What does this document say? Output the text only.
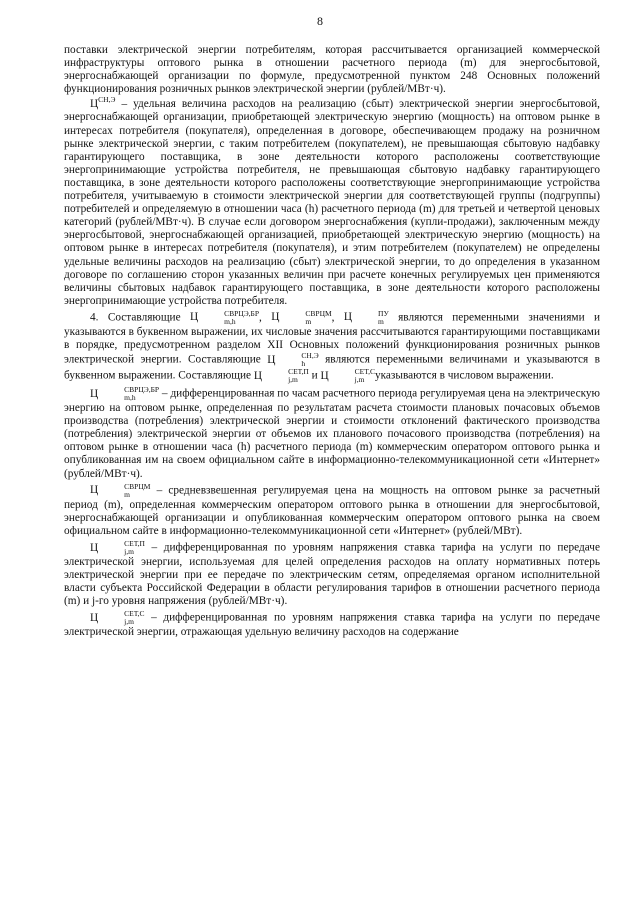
8

поставки электрической энергии потребителям, которая рассчитывается организацией коммерческой инфраструктуры оптового рынка в отношении расчетного периода (m) для энергосбытовой, энергоснабжающей организации по формуле, предусмотренной пунктом 248 Основных положений функционирования розничных рынков электрической энергии (рублей/МВт·ч).

$Ц^{СН,Э}$ – удельная величина расходов на реализацию (сбыт) электрической энергии энергосбытовой, энергоснабжающей организации, приобретающей электрическую энергию (мощность) на оптовом рынке в интересах потребителя (покупателя), определенная в договоре, обеспечивающем продажу на розничном рынке электрической энергии, с таким потребителем (покупателем), не превышающая сбытовую надбавку гарантирующего поставщика, в зоне деятельности которого расположены соответствующие энергопринимающие устройства потребителя, не превышающая сбытовую надбавку гарантирующего поставщика, в зоне деятельности которого расположены соответствующие энергопринимающие устройства потребителя, учитываемую в стоимости электрической энергии для соответствующей группы (подгруппы) потребителей и определяемую в отношении часа (h) расчетного периода (m) для третьей и четвертой ценовых категорий (рублей/МВт·ч). В случае если договором энергоснабжения (купли-продажи), заключенным между энергосбытовой, энергоснабжающей организацией, приобретающей электрическую энергию (мощность) на оптовом рынке в интересах потребителя (покупателя), и этим потребителем (покупателем) не определены удельные величины расходов на реализацию (сбыт) электрической энергии, то до определения в указанном договоре по соглашению сторон указанных величин при расчете конечных регулируемых цен применяются величины сбытовых надбавок гарантирующего поставщика, в зоне деятельности которого расположены энергопринимающие устройства потребителя.

4. Составляющие Ц	СВРЦЭ,БР
m,h	, Ц	СВРЦМ
m	, Ц	ПУ
m являются переменными значениями и указываются в буквенном выражении, их числовые значения рассчитываются гарантирующими поставщиками в порядке, предусмотренном разделом XII Основных положений функционирования розничных рынков электрической энергии. Составляющие Ц	СН,Э
h	являются переменными величинами и указываются в буквенном выражении. Составляющие Ц	СЕТ,П
j,m и Ц	СЕТ,С
j,m указываются в числовом выражении.

Ц	СВРЦЭ,БР
m,h	– дифференцированная по часам расчетного периода регулируемая цена на электрическую энергию на оптовом рынке, определенная по результатам расчета стоимости плановых почасовых объемов производства (потребления) электрической энергии и стоимости отклонений фактического производства (потребления) электрической энергии от объемов их планового почасового производства (потребления) на оптовом рынке в отношении часа (h) расчетного периода (m) коммерческим оператором оптового рынка и опубликованная им на своем официальном сайте в информационно-телекоммуникационной сети «Интернет» (рублей/МВт·ч).

Ц	СВРЦМ
m	– средневзвешенная регулируемая цена на мощность на оптовом рынке за расчетный период (m), определенная коммерческим оператором оптового рынка в отношении для энергосбытовой, энергоснабжающей организации и опубликованная коммерческим оператором оптового рынка на своем официальном сайте в информационно-телекоммуникационной сети «Интернет» (рублей/МВт).

Ц	СЕТ,П
j,m – дифференцированная по уровням напряжения ставка тарифа на услуги по передаче электрической энергии, используемая для целей определения расходов на оплату нормативных потерь электрической энергии при ее передаче по электрическим сетям, определяемая органом исполнительной власти субъекта Российской Федерации в области регулирования тарифов в отношении расчетного периода (m) и j-го уровня напряжения (рублей/МВт·ч).

Ц	СЕТ,С
j,m – дифференцированная по уровням напряжения ставка тарифа на услуги по передаче электрической энергии, отражающая удельную величину расходов на содержание
